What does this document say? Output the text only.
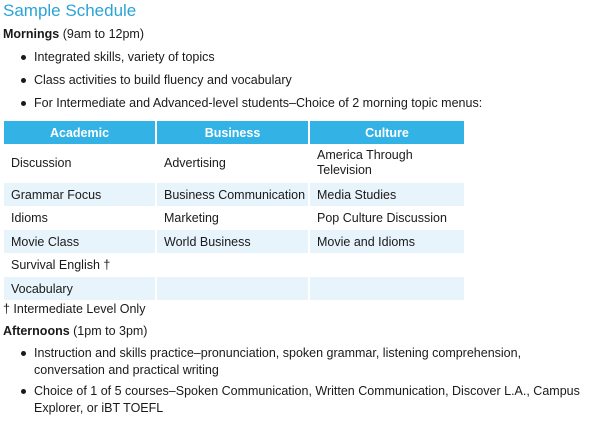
Sample Schedule
Mornings (9am to 12pm)
Integrated skills, variety of topics
Class activities to build fluency and vocabulary
For Intermediate and Advanced-level students–Choice of 2 morning topic menus:
Academic	Business	Culture
Discussion	Advertising	America Through Television
Grammar Focus	Business Communication	Media Studies
Idioms	Marketing	Pop Culture Discussion
Movie Class	World Business	Movie and Idioms
Survival English †		
Vocabulary		
† Intermediate Level Only
Afternoons (1pm to 3pm)
Instruction and skills practice–pronunciation, spoken grammar, listening comprehension, conversation and practical writing
Choice of 1 of 5 courses–Spoken Communication, Written Communication, Discover L.A., Campus Explorer, or iBT TOEFL
